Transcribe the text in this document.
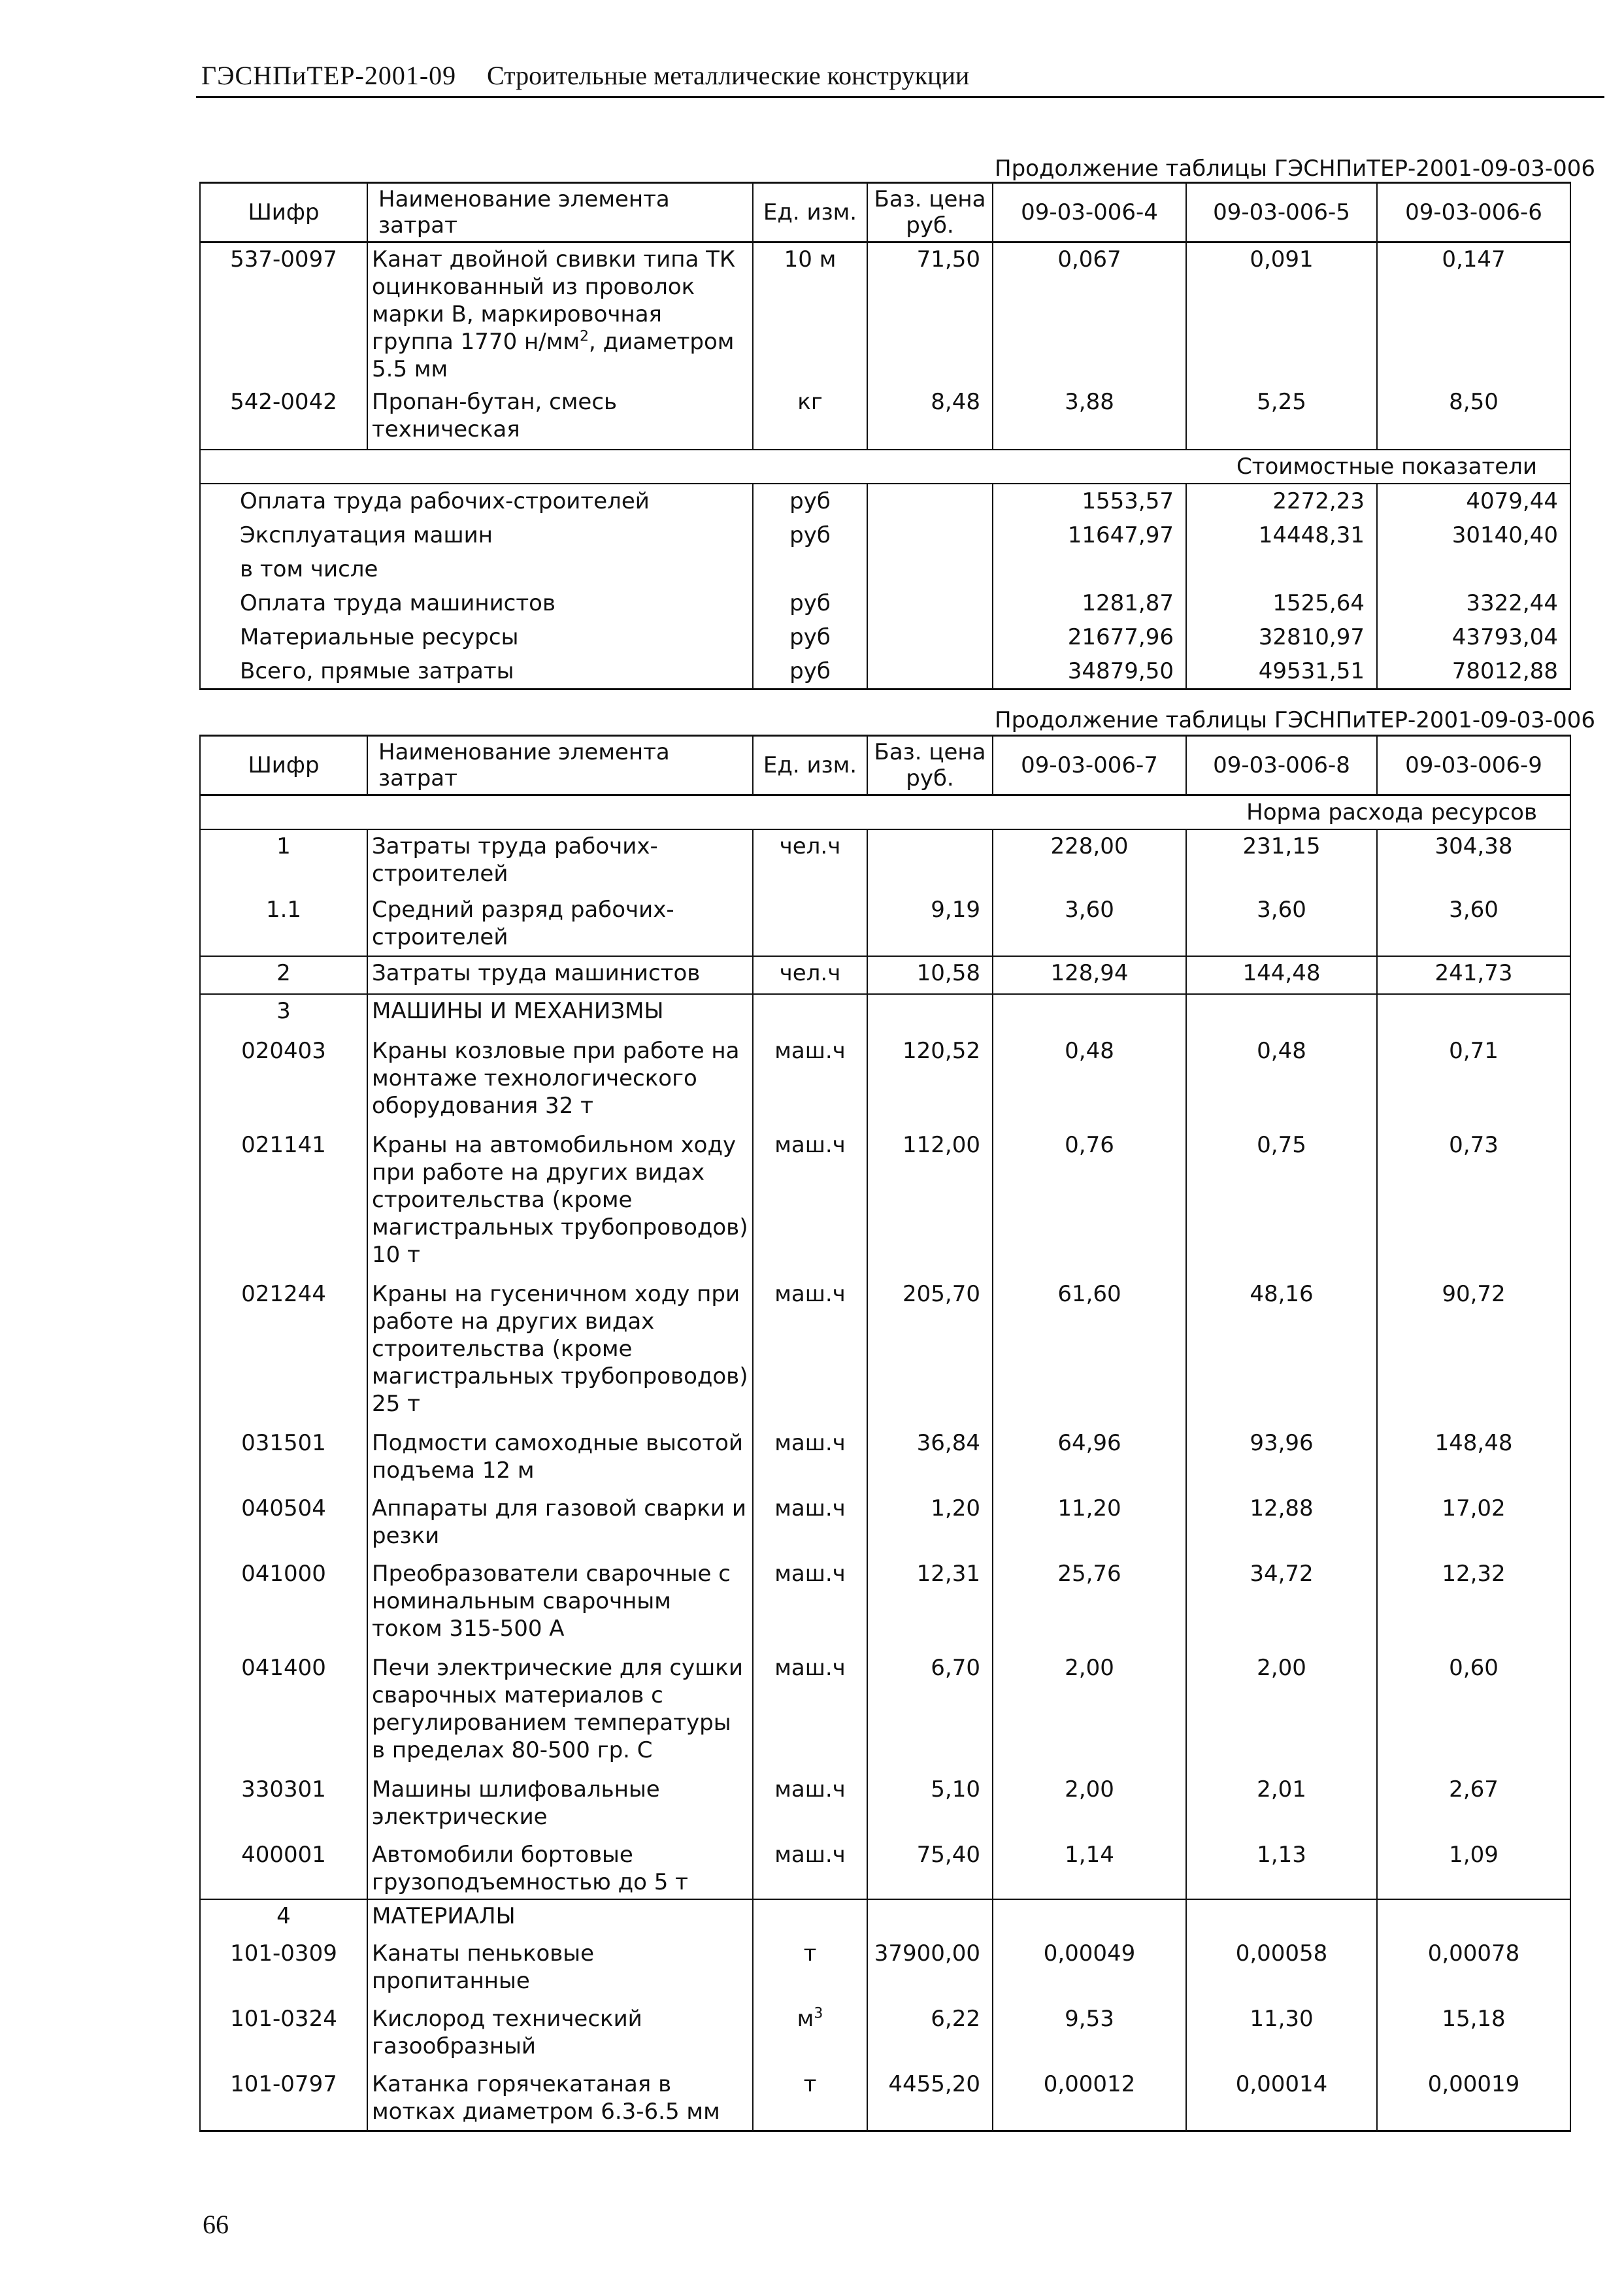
ГЭСНПиТЕР-2001-09 Строительные металлические конструкции
Продолжение таблицы ГЭСНПиТЕР-2001-09-03-006
Шифр	Наименование элемента затрат	Ед. изм.	Баз. цена руб.	09-03-006-4	09-03-006-5	09-03-006-6
537-0097	Канат двойной свивки типа ТК оцинкованный из проволок марки В, маркировочная группа 1770 $н/мм^2$, диаметром 5.5 мм	10 м	71,50	0,067	0,091	0,147
542-0042	Пропан-бутан, смесь техническая	кг	8,48	3,88	5,25	8,50
Стоимостные показатели						
Оплата труда рабочих-строителей		руб		1553,57	2272,23	4079,44
Эксплуатация машин		руб		11647,97	14448,31	30140,40
в том числе						
Оплата труда машинистов		руб		1281,87	1525,64	3322,44
Материальные ресурсы		руб		21677,96	32810,97	43793,04
Всего, прямые затраты		руб		34879,50	49531,51	78012,88
Продолжение таблицы ГЭСНПиТЕР-2001-09-03-006
Шифр	Наименование элемента затрат	Ед. изм.	Баз. цена руб.	09-03-006-7	09-03-006-8	09-03-006-9
Норма расхода ресурсов						
1	Затраты труда рабочих-строителей	чел.ч		228,00	231,15	304,38
1.1	Средний разряд рабочих-строителей		9,19	3,60	3,60	3,60
2	Затраты труда машинистов	чел.ч	10,58	128,94	144,48	241,73
3	МАШИНЫ И МЕХАНИЗМЫ					
020403	Краны козловые при работе на монтаже технологического оборудования 32 т	маш.ч	120,52	0,48	0,48	0,71
021141	Краны на автомобильном ходу при работе на других видах строительства (кроме магистральных трубопроводов) 10 т	маш.ч	112,00	0,76	0,75	0,73
021244	Краны на гусеничном ходу при работе на других видах строительства (кроме магистральных трубопроводов) 25 т	маш.ч	205,70	61,60	48,16	90,72
031501	Подмости самоходные высотой подъема 12 м	маш.ч	36,84	64,96	93,96	148,48
040504	Аппараты для газовой сварки и резки	маш.ч	1,20	11,20	12,88	17,02
041000	Преобразователи сварочные с номинальным сварочным током 315-500 А	маш.ч	12,31	25,76	34,72	12,32
041400	Печи электрические для сушки сварочных материалов с регулированием температуры в пределах 80-500 гр. С	маш.ч	6,70	2,00	2,00	0,60
330301	Машины шлифовальные электрические	маш.ч	5,10	2,00	2,01	2,67
400001	Автомобили бортовые грузоподъемностью до 5 т	маш.ч	75,40	1,14	1,13	1,09
4	МАТЕРИАЛЫ					
101-0309	Канаты пеньковые пропитанные	т	37900,00	0,00049	0,00058	0,00078
101-0324	Кислород технический газообразный	$м^3$	6,22	9,53	11,30	15,18
101-0797	Катанка горячекатаная в мотках диаметром 6.3-6.5 мм	т	4455,20	0,00012	0,00014	0,00019
66
